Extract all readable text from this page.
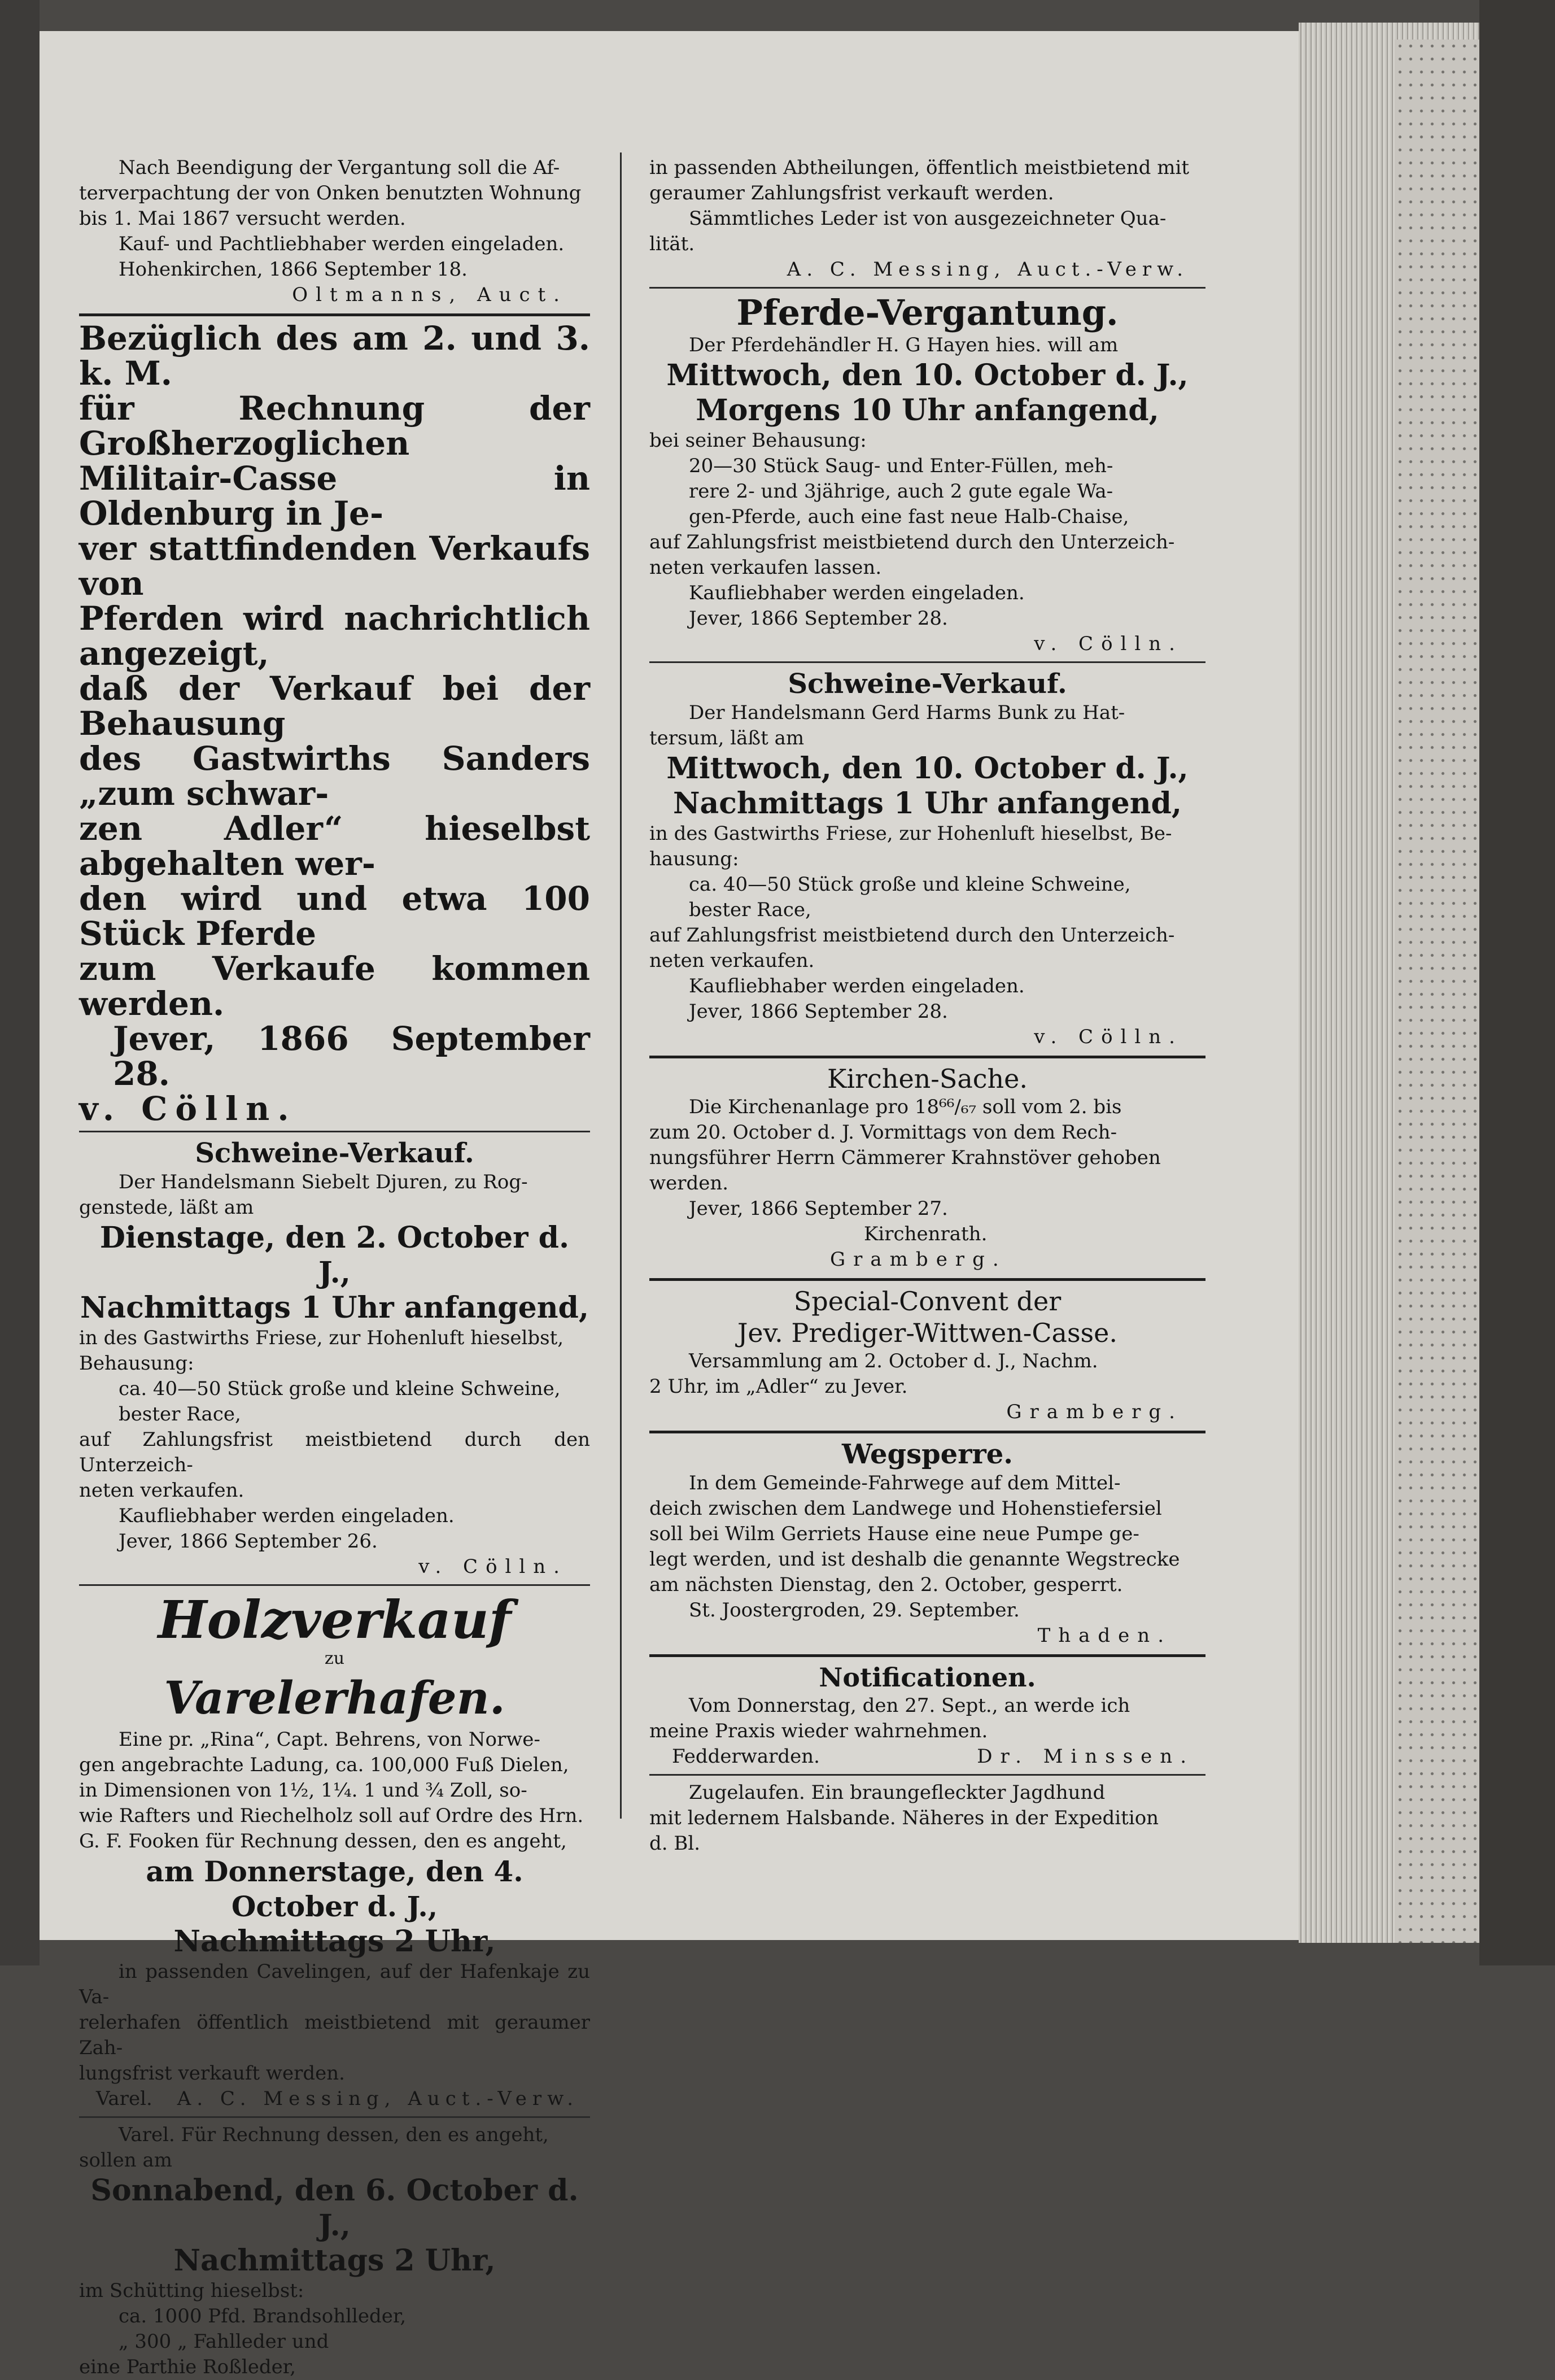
Nach Beendigung der Vergantung soll die Af-

terverpachtung der von Onken benutzten Wohnung

bis 1. Mai 1867 versucht werden.

Kauf- und Pachtliebhaber werden eingeladen.

Hohenkirchen, 1866 September 18.

Oltmanns, Auct.

Bezüglich des am 2. und 3. k. M.

für Rechnung der Großherzoglichen

Militair-Casse in Oldenburg in Je-

ver stattfindenden Verkaufs von

Pferden wird nachrichtlich angezeigt,

daß der Verkauf bei der Behausung

des Gastwirths Sanders „zum schwar-

zen Adler“ hieselbst abgehalten wer-

den wird und etwa 100 Stück Pferde

zum Verkaufe kommen werden.

Jever, 1866 September 28.

v. Cölln.

Schweine-Verkauf.

Der Handelsmann Siebelt Djuren, zu Rog-

genstede, läßt am

Dienstage, den 2. October d. J.,

Nachmittags 1 Uhr anfangend,

in des Gastwirths Friese, zur Hohenluft hieselbst,

Behausung:

ca. 40—50 Stück große und kleine Schweine,

bester Race,

auf Zahlungsfrist meistbietend durch den Unterzeich-

neten verkaufen.

Kaufliebhaber werden eingeladen.

Jever, 1866 September 26.

v. Cölln.

Holzverkauf

zu

Varelerhafen.

Eine pr. „Rina“, Capt. Behrens, von Norwe-

gen angebrachte Ladung, ca. 100,000 Fuß Dielen,

in Dimensionen von 1½, 1¼. 1 und ¾ Zoll, so-

wie Rafters und Riechelholz soll auf Ordre des Hrn.

G. F. Fooken für Rechnung dessen, den es angeht,

am Donnerstage, den 4. October d. J.,

Nachmittags 2 Uhr,

in passenden Cavelingen, auf der Hafenkaje zu Va-

relerhafen öffentlich meistbietend mit geraumer Zah-

lungsfrist verkauft werden.

Varel. A. C. Messing, Auct.-Verw.

Varel. Für Rechnung dessen, den es angeht,

sollen am

Sonnabend, den 6. October d. J.,

Nachmittags 2 Uhr,

im Schütting hieselbst:

ca. 1000 Pfd. Brandsohlleder,

„ 300 „ Fahlleder und

eine Parthie Roßleder,

in passenden Abtheilungen, öffentlich meistbietend mit

geraumer Zahlungsfrist verkauft werden.

Sämmtliches Leder ist von ausgezeichneter Qua-

lität.

A. C. Messing, Auct.-Verw.

Pferde-Vergantung.

Der Pferdehändler H. G Hayen hies. will am

Mittwoch, den 10. October d. J.,

Morgens 10 Uhr anfangend,

bei seiner Behausung:

20—30 Stück Saug- und Enter-Füllen, meh-

rere 2- und 3jährige, auch 2 gute egale Wa-

gen-Pferde, auch eine fast neue Halb-Chaise,

auf Zahlungsfrist meistbietend durch den Unterzeich-

neten verkaufen lassen.

Kaufliebhaber werden eingeladen.

Jever, 1866 September 28.

v. Cölln.

Schweine-Verkauf.

Der Handelsmann Gerd Harms Bunk zu Hat-

tersum, läßt am

Mittwoch, den 10. October d. J.,

Nachmittags 1 Uhr anfangend,

in des Gastwirths Friese, zur Hohenluft hieselbst, Be-

hausung:

ca. 40—50 Stück große und kleine Schweine,

bester Race,

auf Zahlungsfrist meistbietend durch den Unterzeich-

neten verkaufen.

Kaufliebhaber werden eingeladen.

Jever, 1866 September 28.

v. Cölln.

Kirchen-Sache.

Die Kirchenanlage pro 18⁶⁶/₆₇ soll vom 2. bis

zum 20. October d. J. Vormittags von dem Rech-

nungsführer Herrn Cämmerer Krahnstöver gehoben

werden.

Jever, 1866 September 27.

Kirchenrath.

Gramberg.

Special-Convent der

Jev. Prediger-Wittwen-Casse.

Versammlung am 2. October d. J., Nachm.

2 Uhr, im „Adler“ zu Jever.

Gramberg.

Wegsperre.

In dem Gemeinde-Fahrwege auf dem Mittel-

deich zwischen dem Landwege und Hohenstiefersiel

soll bei Wilm Gerriets Hause eine neue Pumpe ge-

legt werden, und ist deshalb die genannte Wegstrecke

am nächsten Dienstag, den 2. October, gesperrt.

St. Joostergroden, 29. September.

Thaden.

Notificationen.

Vom Donnerstag, den 27. Sept., an werde ich

meine Praxis wieder wahrnehmen.

Fedderwarden.	Dr. Minssen.

Zugelaufen. Ein braungefleckter Jagdhund

mit ledernem Halsbande. Näheres in der Expedition

d. Bl.
